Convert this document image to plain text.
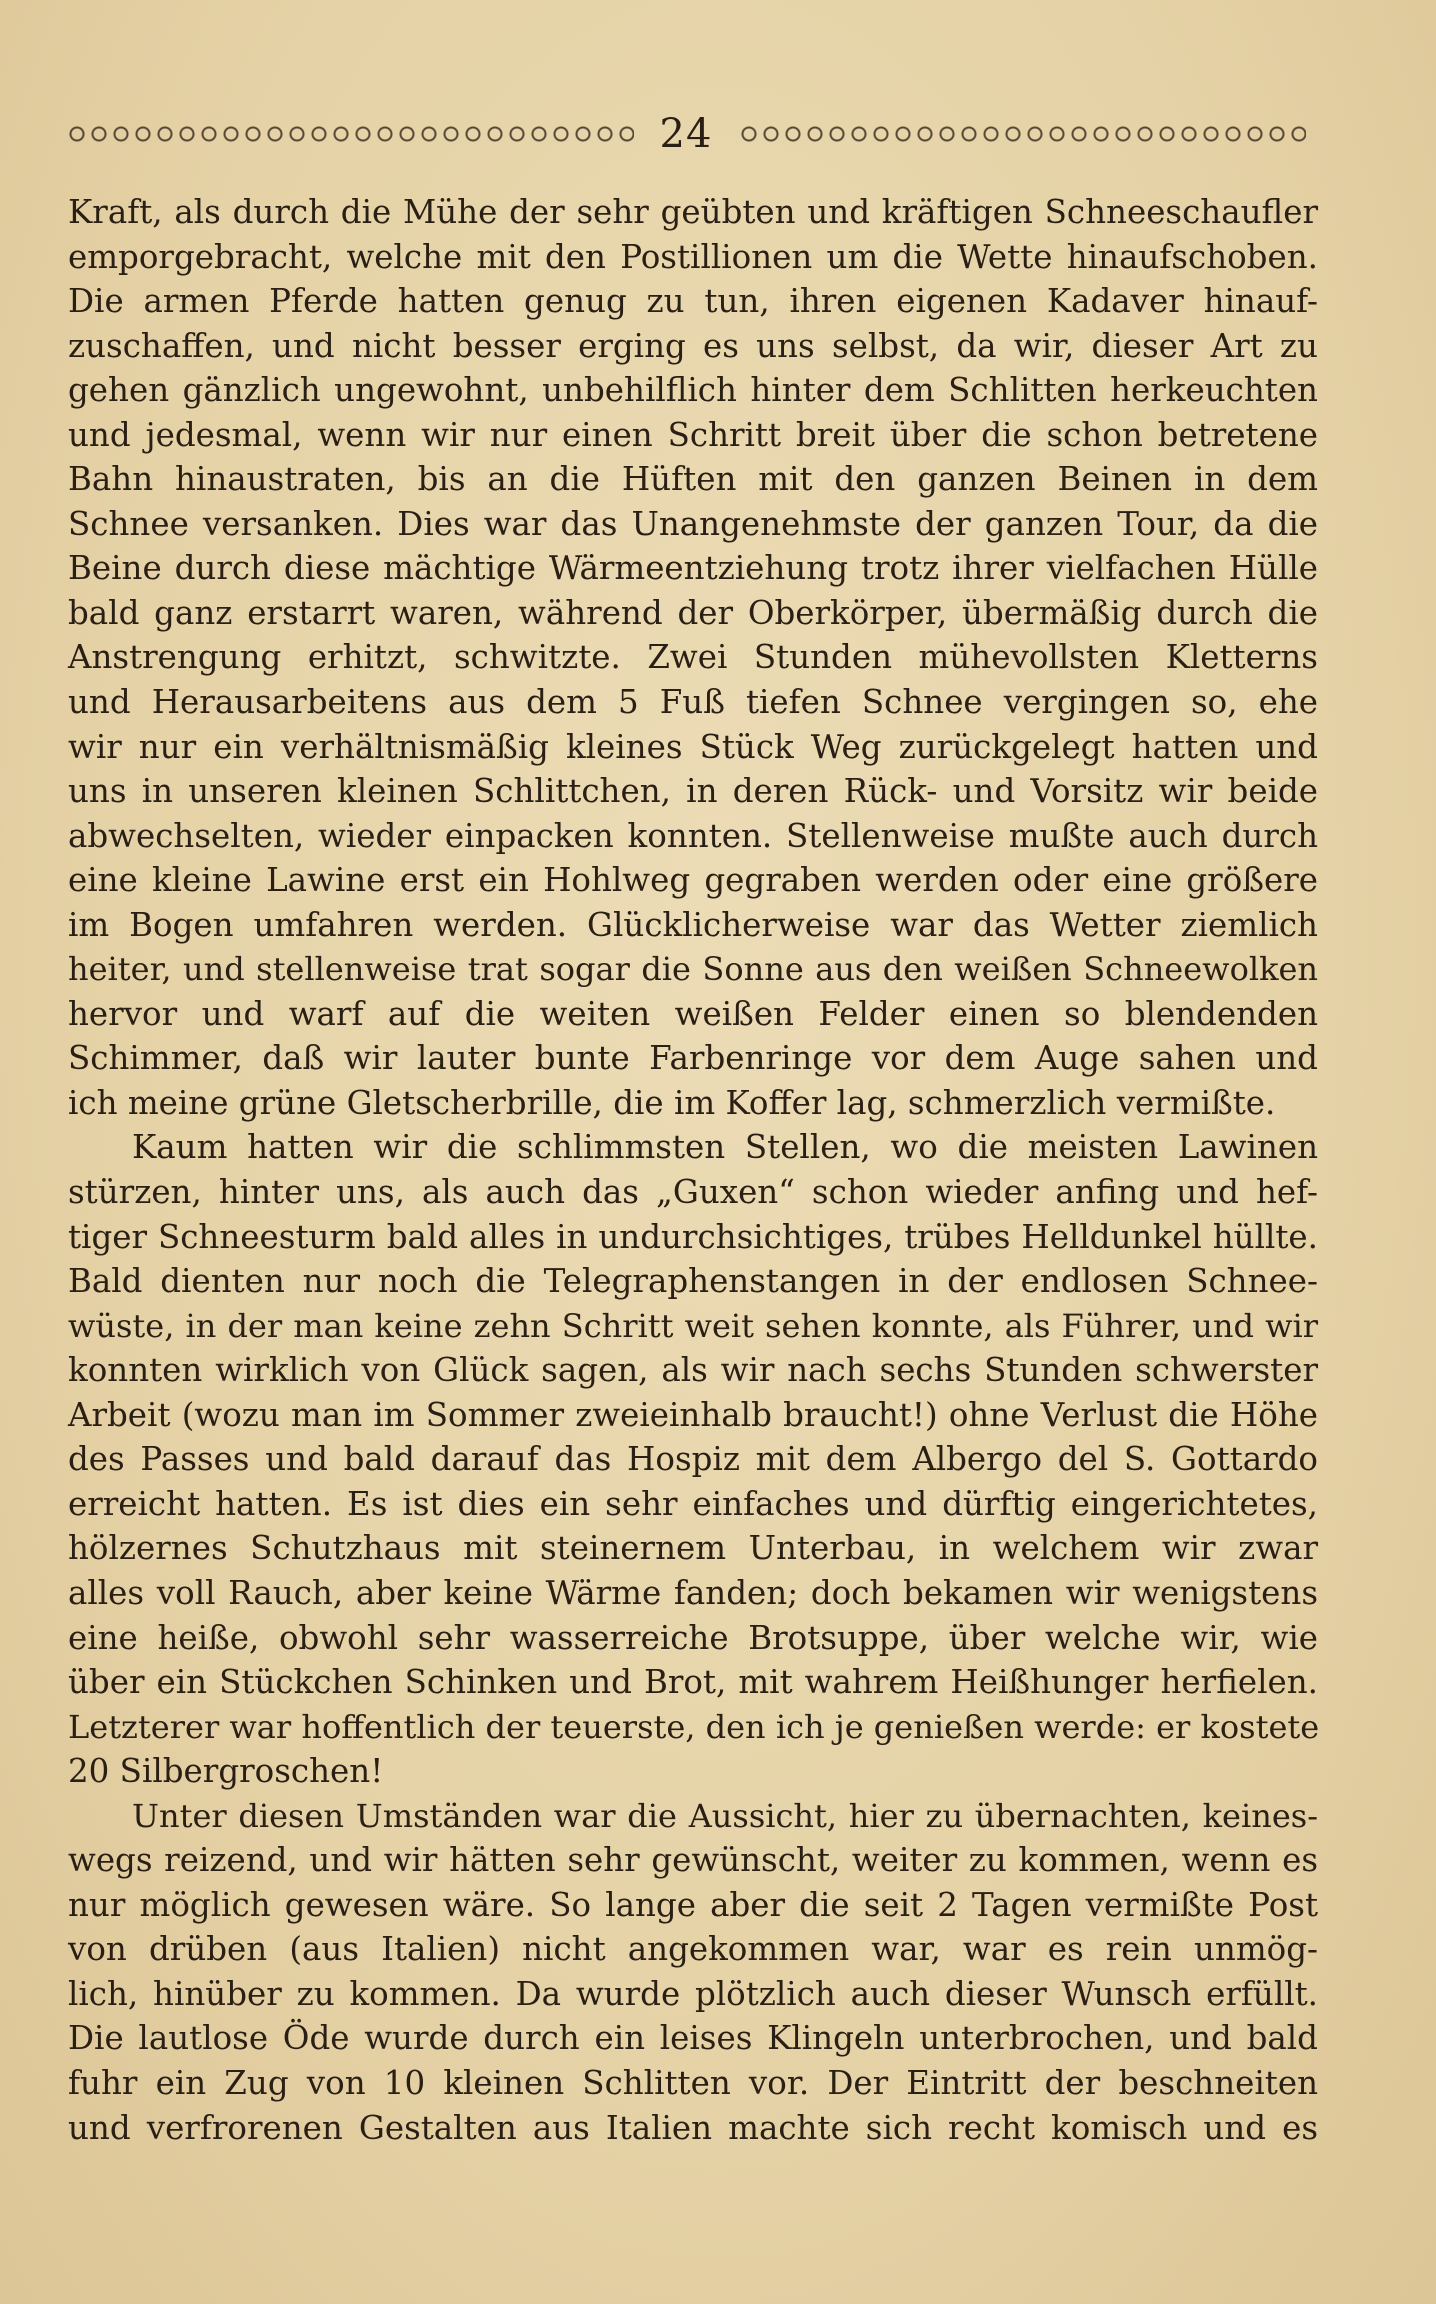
24
Kraft, als durch die Mühe der sehr geübten und kräftigen Schneeschaufler
emporgebracht, welche mit den Postillionen um die Wette hinaufschoben.
Die armen Pferde hatten genug zu tun, ihren eigenen Kadaver hinauf-
zuschaffen, und nicht besser erging es uns selbst, da wir, dieser Art zu
gehen gänzlich ungewohnt, unbehilflich hinter dem Schlitten herkeuchten
und jedesmal, wenn wir nur einen Schritt breit über die schon betretene
Bahn hinaustraten, bis an die Hüften mit den ganzen Beinen in dem
Schnee versanken. Dies war das Unangenehmste der ganzen Tour, da die
Beine durch diese mächtige Wärmeentziehung trotz ihrer vielfachen Hülle
bald ganz erstarrt waren, während der Oberkörper, übermäßig durch die
Anstrengung erhitzt, schwitzte. Zwei Stunden mühevollsten Kletterns
und Herausarbeitens aus dem 5 Fuß tiefen Schnee vergingen so, ehe
wir nur ein verhältnismäßig kleines Stück Weg zurückgelegt hatten und
uns in unseren kleinen Schlittchen, in deren Rück- und Vorsitz wir beide
abwechselten, wieder einpacken konnten. Stellenweise mußte auch durch
eine kleine Lawine erst ein Hohlweg gegraben werden oder eine größere
im Bogen umfahren werden. Glücklicherweise war das Wetter ziemlich
heiter, und stellenweise trat sogar die Sonne aus den weißen Schneewolken
hervor und warf auf die weiten weißen Felder einen so blendenden
Schimmer, daß wir lauter bunte Farbenringe vor dem Auge sahen und
ich meine grüne Gletscherbrille, die im Koffer lag, schmerzlich vermißte.
Kaum hatten wir die schlimmsten Stellen, wo die meisten Lawinen
stürzen, hinter uns, als auch das „Guxen“ schon wieder anfing und hef-
tiger Schneesturm bald alles in undurchsichtiges, trübes Helldunkel hüllte.
Bald dienten nur noch die Telegraphenstangen in der endlosen Schnee-
wüste, in der man keine zehn Schritt weit sehen konnte, als Führer, und wir
konnten wirklich von Glück sagen, als wir nach sechs Stunden schwerster
Arbeit (wozu man im Sommer zweieinhalb braucht!) ohne Verlust die Höhe
des Passes und bald darauf das Hospiz mit dem Albergo del S. Gottardo
erreicht hatten. Es ist dies ein sehr einfaches und dürftig eingerichtetes,
hölzernes Schutzhaus mit steinernem Unterbau, in welchem wir zwar
alles voll Rauch, aber keine Wärme fanden; doch bekamen wir wenigstens
eine heiße, obwohl sehr wasserreiche Brotsuppe, über welche wir, wie
über ein Stückchen Schinken und Brot, mit wahrem Heißhunger herfielen.
Letzterer war hoffentlich der teuerste, den ich je genießen werde: er kostete
20 Silbergroschen!
Unter diesen Umständen war die Aussicht, hier zu übernachten, keines-
wegs reizend, und wir hätten sehr gewünscht, weiter zu kommen, wenn es
nur möglich gewesen wäre. So lange aber die seit 2 Tagen vermißte Post
von drüben (aus Italien) nicht angekommen war, war es rein unmög-
lich, hinüber zu kommen. Da wurde plötzlich auch dieser Wunsch erfüllt.
Die lautlose Öde wurde durch ein leises Klingeln unterbrochen, und bald
fuhr ein Zug von 10 kleinen Schlitten vor. Der Eintritt der beschneiten
und verfrorenen Gestalten aus Italien machte sich recht komisch und es
